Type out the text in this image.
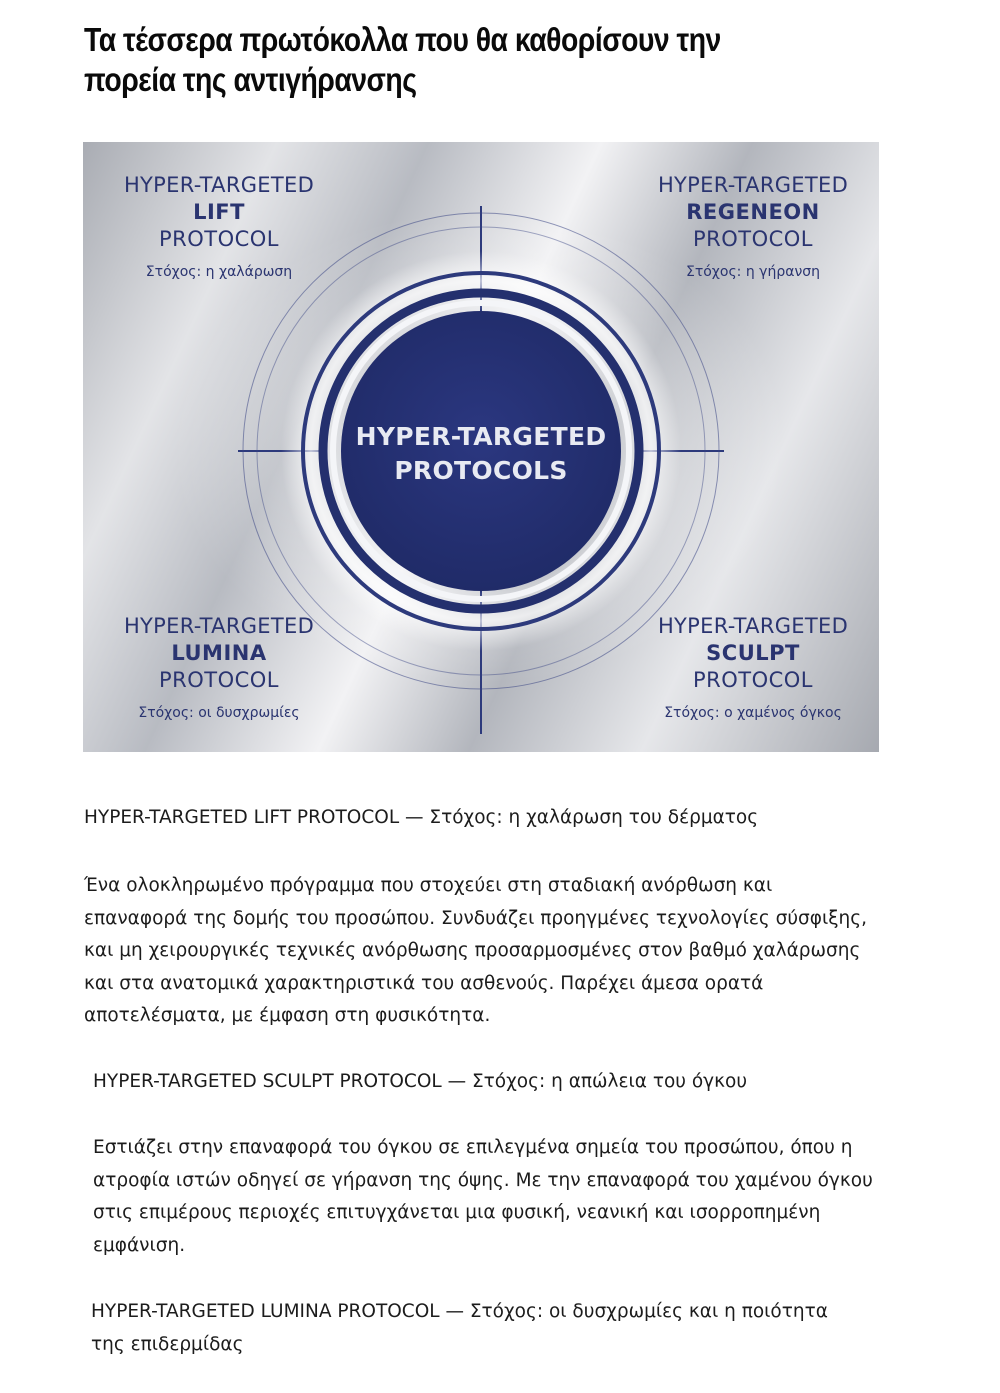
Τα τέσσερα πρωτόκολλα που θα καθορίσουν την πορεία της αντιγήρανσης
HYPER-TARGETED
PROTOCOLS
HYPER-TARGETED
LIFT
PROTOCOL
Στόχος: η χαλάρωση
HYPER-TARGETED
REGENEON
PROTOCOL
Στόχος: η γήρανση
HYPER-TARGETED
LUMINA
PROTOCOL
Στόχος: οι δυσχρωμίες
HYPER-TARGETED
SCULPT
PROTOCOL
Στόχος: ο χαμένος όγκος

HYPER-TARGETED LIFT PROTOCOL — Στόχος: η χαλάρωση του δέρματος

Ένα ολοκληρωμένο πρόγραμμα που στοχεύει στη σταδιακή ανόρθωση και επαναφορά της δομής του προσώπου. Συνδυάζει προηγμένες τεχνολογίες σύσφιξης, και μη χειρουργικές τεχνικές ανόρθωσης προσαρμοσμένες στον βαθμό χαλάρωσης και στα ανατομικά χαρακτηριστικά του ασθενούς. Παρέχει άμεσα ορατά αποτελέσματα, με έμφαση στη φυσικότητα.

HYPER-TARGETED SCULPT PROTOCOL — Στόχος: η απώλεια του όγκου

Εστιάζει στην επαναφορά του όγκου σε επιλεγμένα σημεία του προσώπου, όπου η ατροφία ιστών οδηγεί σε γήρανση της όψης. Με την επαναφορά του χαμένου όγκου στις επιμέρους περιοχές επιτυγχάνεται μια φυσική, νεανική και ισορροπημένη εμφάνιση.

HYPER-TARGETED LUMINA PROTOCOL — Στόχος: οι δυσχρωμίες και η ποιότητα της επιδερμίδας
